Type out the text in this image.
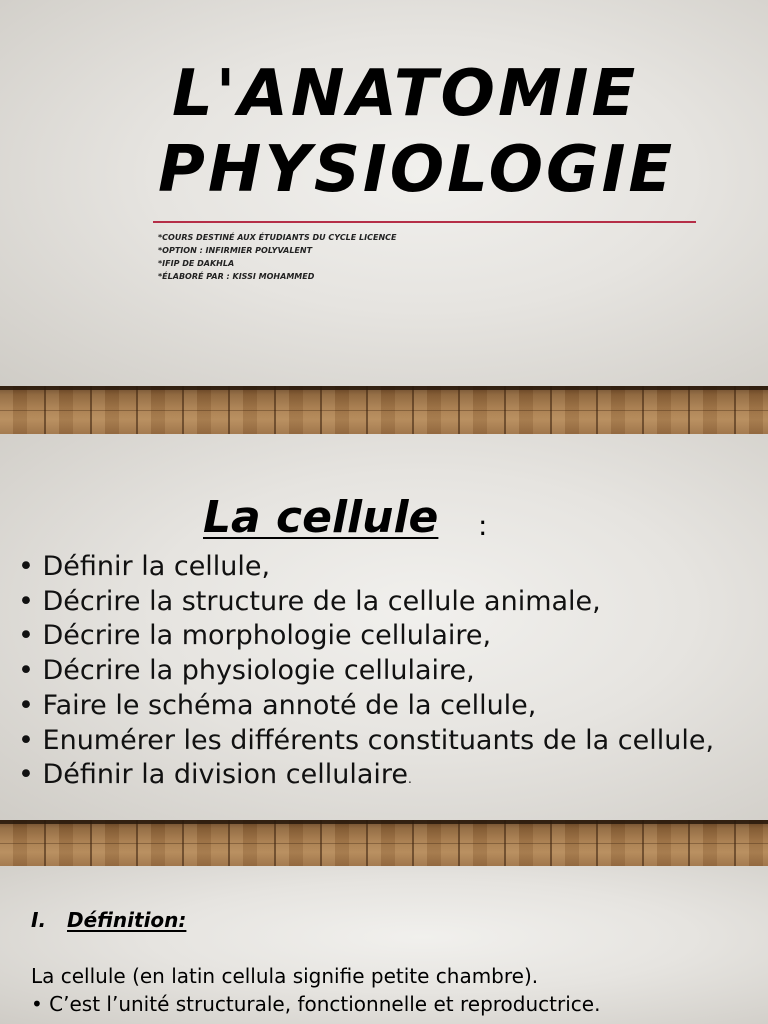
L'ANATOMIE
PHYSIOLOGIE
*COURS DESTINÉ AUX ÉTUDIANTS DU CYCLE LICENCE
*OPTION : INFIRMIER POLYVALENT
*IFIP DE DAKHLA
*ÉLABORÉ PAR : KISSI MOHAMMED
La cellule :
• Définir la cellule,
• Décrire la structure de la cellule animale,
• Décrire la morphologie cellulaire,
• Décrire la physiologie cellulaire,
• Faire le schéma annoté de la cellule,
• Enumérer les différents constituants de la cellule,
• Définir la division cellulaire.
I. Définition:
La cellule (en latin cellula signifie petite chambre).
• C’est l’unité structurale, fonctionnelle et reproductrice.
